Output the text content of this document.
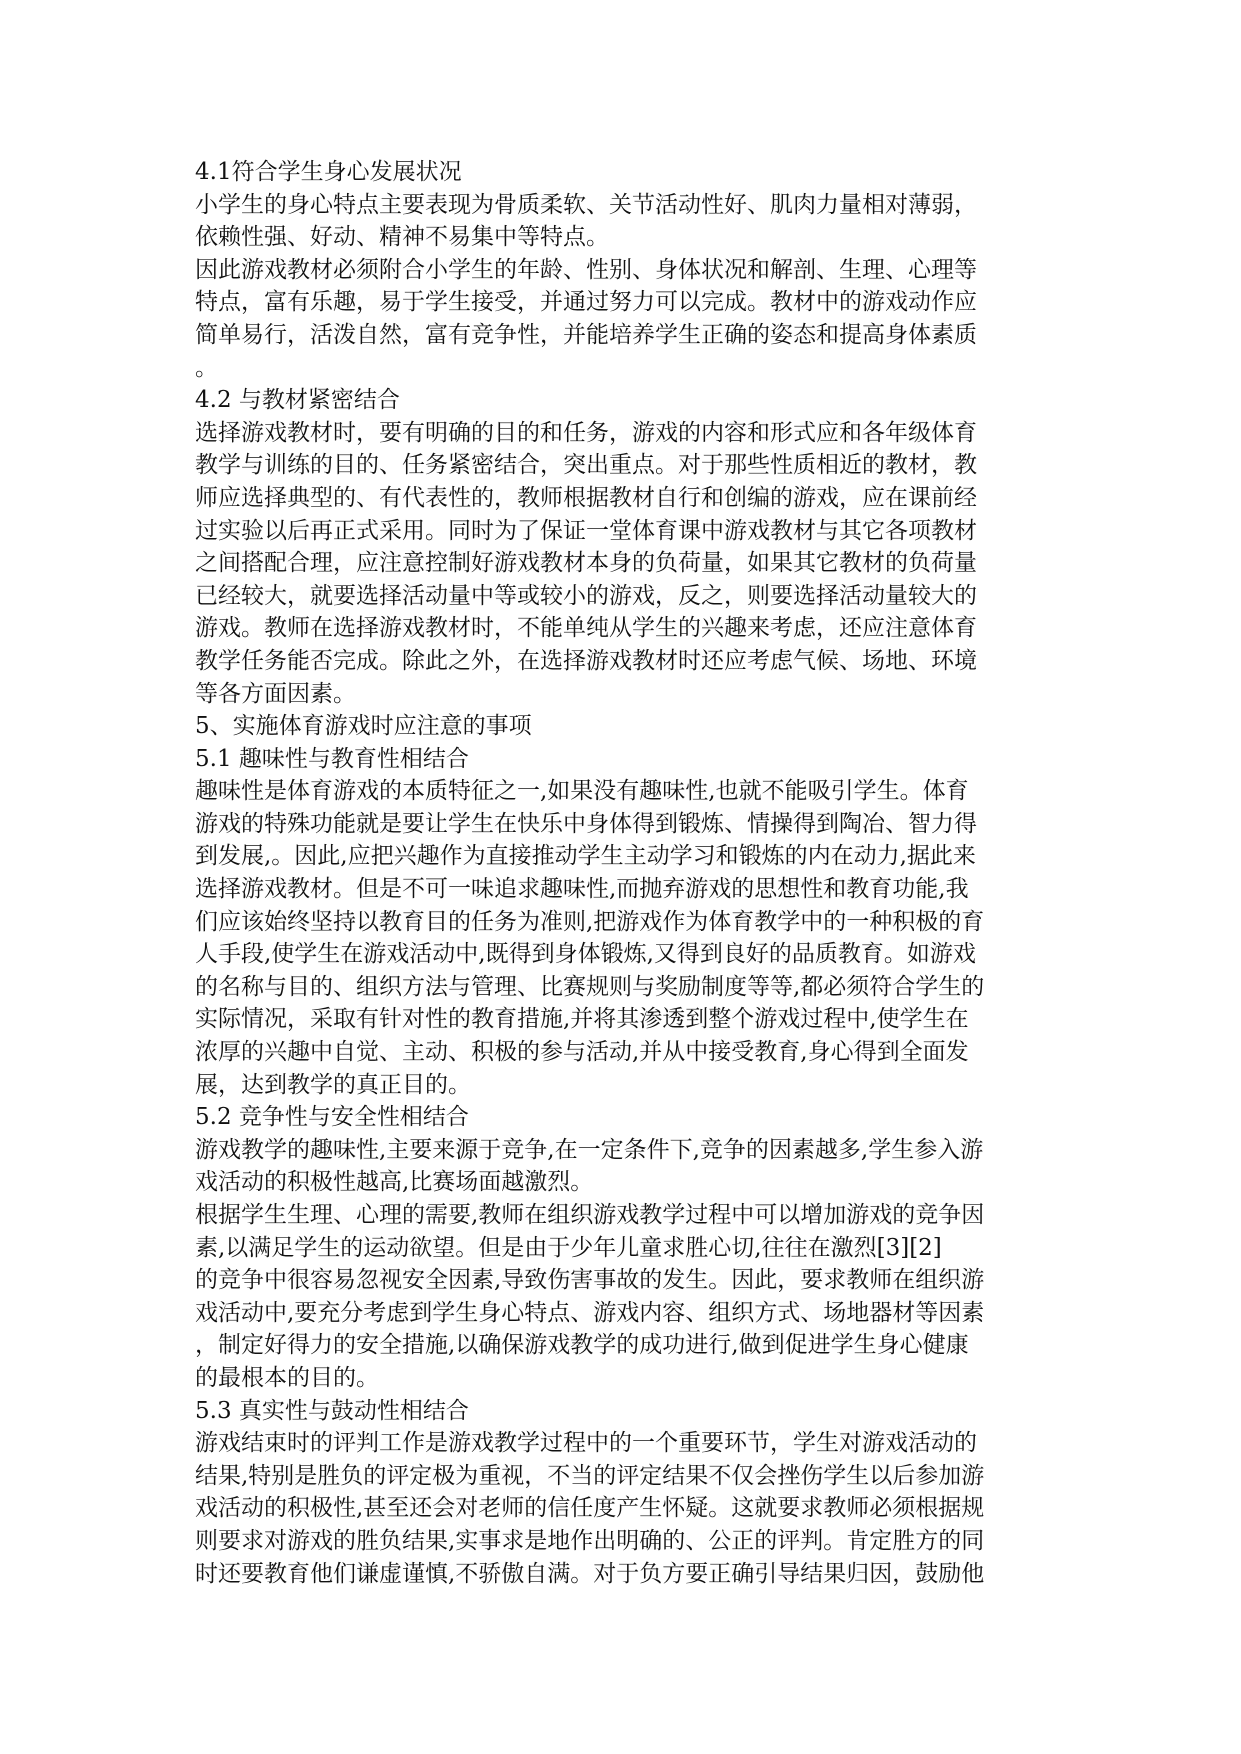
4.1符合学生身心发展状况
小学生的身心特点主要表现为骨质柔软、关节活动性好、肌肉力量相对薄弱，
依赖性强、好动、精神不易集中等特点。
因此游戏教材必须附合小学生的年龄、性别、身体状况和解剖、生理、心理等
特点，富有乐趣，易于学生接受，并通过努力可以完成。教材中的游戏动作应
简单易行，活泼自然，富有竞争性，并能培养学生正确的姿态和提高身体素质
。
4.2 与教材紧密结合
选择游戏教材时，要有明确的目的和任务，游戏的内容和形式应和各年级体育
教学与训练的目的、任务紧密结合，突出重点。对于那些性质相近的教材，教
师应选择典型的、有代表性的，教师根据教材自行和创编的游戏，应在课前经
过实验以后再正式采用。同时为了保证一堂体育课中游戏教材与其它各项教材
之间搭配合理，应注意控制好游戏教材本身的负荷量，如果其它教材的负荷量
已经较大，就要选择活动量中等或较小的游戏，反之，则要选择活动量较大的
游戏。教师在选择游戏教材时，不能单纯从学生的兴趣来考虑，还应注意体育
教学任务能否完成。除此之外，在选择游戏教材时还应考虑气候、场地、环境
等各方面因素。
5、实施体育游戏时应注意的事项
5.1 趣味性与教育性相结合
趣味性是体育游戏的本质特征之一,如果没有趣味性,也就不能吸引学生。体育
游戏的特殊功能就是要让学生在快乐中身体得到锻炼、情操得到陶冶、智力得
到发展,。因此,应把兴趣作为直接推动学生主动学习和锻炼的内在动力,据此来
选择游戏教材。但是不可一味追求趣味性,而抛弃游戏的思想性和教育功能,我
们应该始终坚持以教育目的任务为准则,把游戏作为体育教学中的一种积极的育
人手段,使学生在游戏活动中,既得到身体锻炼,又得到良好的品质教育。如游戏
的名称与目的、组织方法与管理、比赛规则与奖励制度等等,都必须符合学生的
实际情况，采取有针对性的教育措施,并将其渗透到整个游戏过程中,使学生在
浓厚的兴趣中自觉、主动、积极的参与活动,并从中接受教育,身心得到全面发
展，达到教学的真正目的。
5.2 竞争性与安全性相结合
游戏教学的趣味性,主要来源于竞争,在一定条件下,竞争的因素越多,学生参入游
戏活动的积极性越高,比赛场面越激烈。
根据学生生理、心理的需要,教师在组织游戏教学过程中可以增加游戏的竞争因
素,以满足学生的运动欲望。但是由于少年儿童求胜心切,往往在激烈[3][2]
的竞争中很容易忽视安全因素,导致伤害事故的发生。因此，要求教师在组织游
戏活动中,要充分考虑到学生身心特点、游戏内容、组织方式、场地器材等因素
，制定好得力的安全措施,以确保游戏教学的成功进行,做到促进学生身心健康
的最根本的目的。
5.3 真实性与鼓动性相结合
游戏结束时的评判工作是游戏教学过程中的一个重要环节，学生对游戏活动的
结果,特别是胜负的评定极为重视，不当的评定结果不仅会挫伤学生以后参加游
戏活动的积极性,甚至还会对老师的信任度产生怀疑。这就要求教师必须根据规
则要求对游戏的胜负结果,实事求是地作出明确的、公正的评判。肯定胜方的同
时还要教育他们谦虚谨慎,不骄傲自满。对于负方要正确引导结果归因，鼓励他
